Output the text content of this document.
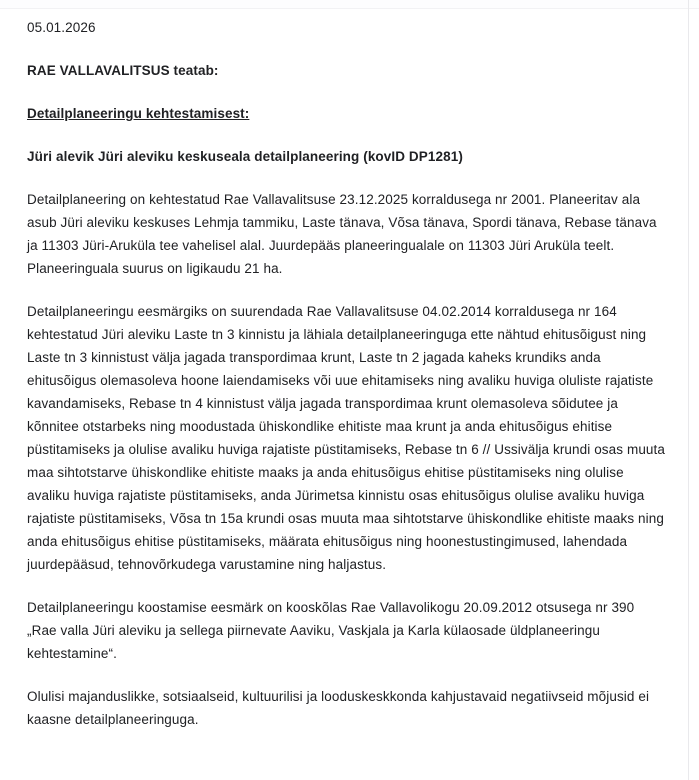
05.01.2026

RAE VALLAVALITSUS teatab:

Detailplaneeringu kehtestamisest:

Jüri alevik Jüri aleviku keskuseala detailplaneering (kovID DP1281)

Detailplaneering on kehtestatud Rae Vallavalitsuse 23.12.2025 korraldusega nr 2001. Planeeritav ala asub Jüri aleviku keskuses Lehmja tammiku, Laste tänava, Võsa tänava, Spordi tänava, Rebase tänava ja 11303 Jüri-Aruküla tee vahelisel alal. Juurdepääs planeeringualale on 11303 Jüri Aruküla teelt. Planeeringuala suurus on ligikaudu 21 ha.

Detailplaneeringu eesmärgiks on suurendada Rae Vallavalitsuse 04.02.2014 korraldusega nr 164 kehtestatud Jüri aleviku Laste tn 3 kinnistu ja lähiala detailplaneeringuga ette nähtud ehitusõigust ning Laste tn 3 kinnistust välja jagada transpordimaa krunt, Laste tn 2 jagada kaheks krundiks anda ehitusõigus olemasoleva hoone laiendamiseks või uue ehitamiseks ning avaliku huviga oluliste rajatiste kavandamiseks, Rebase tn 4 kinnistust välja jagada transpordimaa krunt olemasoleva sõidutee ja kõnnitee otstarbeks ning moodustada ühiskondlike ehitiste maa krunt ja anda ehitusõigus ehitise püstitamiseks ja olulise avaliku huviga rajatiste püstitamiseks, Rebase tn 6 // Ussivälja krundi osas muuta maa sihtotstarve ühiskondlike ehitiste maaks ja anda ehitusõigus ehitise püstitamiseks ning olulise avaliku huviga rajatiste püstitamiseks, anda Jürimetsa kinnistu osas ehitusõigus olulise avaliku huviga rajatiste püstitamiseks, Võsa tn 15a krundi osas muuta maa sihtotstarve ühiskondlike ehitiste maaks ning anda ehitusõigus ehitise püstitamiseks, määrata ehitusõigus ning hoonestustingimused, lahendada juurdepääsud, tehnovõrkudega varustamine ning haljastus.

Detailplaneeringu koostamise eesmärk on kooskõlas Rae Vallavolikogu 20.09.2012 otsusega nr 390 „Rae valla Jüri aleviku ja sellega piirnevate Aaviku, Vaskjala ja Karla külaosade üldplaneeringu kehtestamine“.

Olulisi majanduslikke, sotsiaalseid, kultuurilisi ja looduskeskkonda kahjustavaid negatiivseid mõjusid ei kaasne detailplaneeringuga.
